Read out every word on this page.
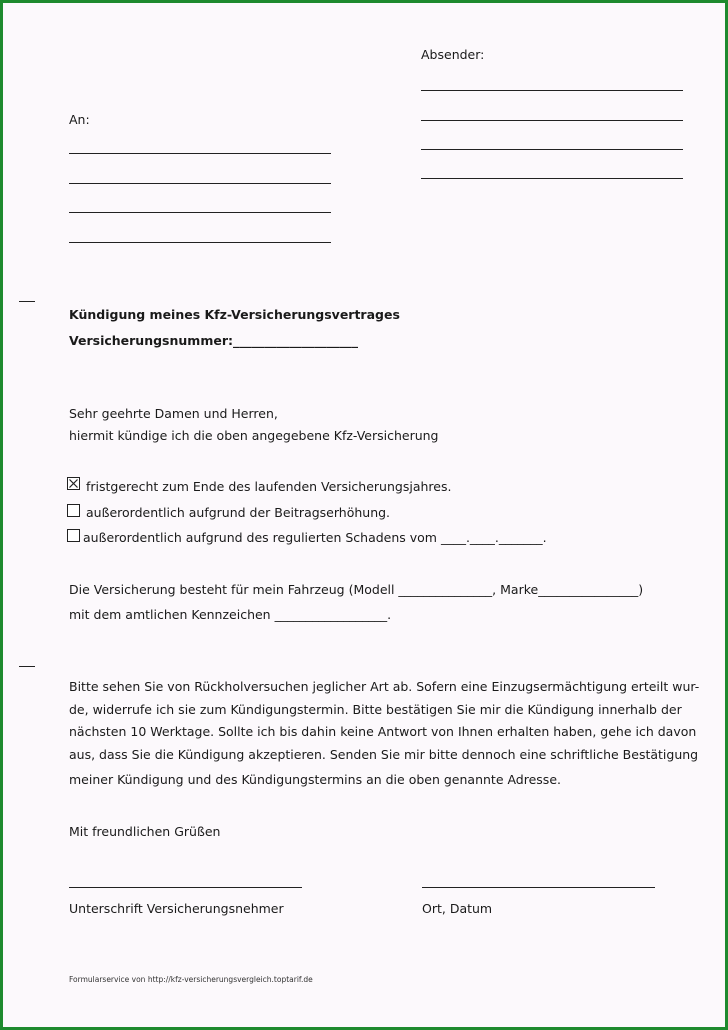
Absender:
An:
Kündigung meines Kfz-Versicherungsvertrages
Versicherungsnummer:____________________
Sehr geehrte Damen und Herren,
hiermit kündige ich die oben angegebene Kfz-Versicherung
fristgerecht zum Ende des laufenden Versicherungsjahres.
außerordentlich aufgrund der Beitragserhöhung.
außerordentlich aufgrund des regulierten Schadens vom ____.____._______.
Die Versicherung besteht für mein Fahrzeug (Modell _______________, Marke________________)
mit dem amtlichen Kennzeichen __________________.
Bitte sehen Sie von Rückholversuchen jeglicher Art ab. Sofern eine Einzugsermächtigung erteilt wur-
de, widerrufe ich sie zum Kündigungstermin. Bitte bestätigen Sie mir die Kündigung innerhalb der
nächsten 10 Werktage. Sollte ich bis dahin keine Antwort von Ihnen erhalten haben, gehe ich davon
aus, dass Sie die Kündigung akzeptieren. Senden Sie mir bitte dennoch eine schriftliche Bestätigung
meiner Kündigung und des Kündigungstermins an die oben genannte Adresse.
Mit freundlichen Grüßen
Unterschrift Versicherungsnehmer	Ort, Datum
Formularservice von http://kfz-versicherungsvergleich.toptarif.de
